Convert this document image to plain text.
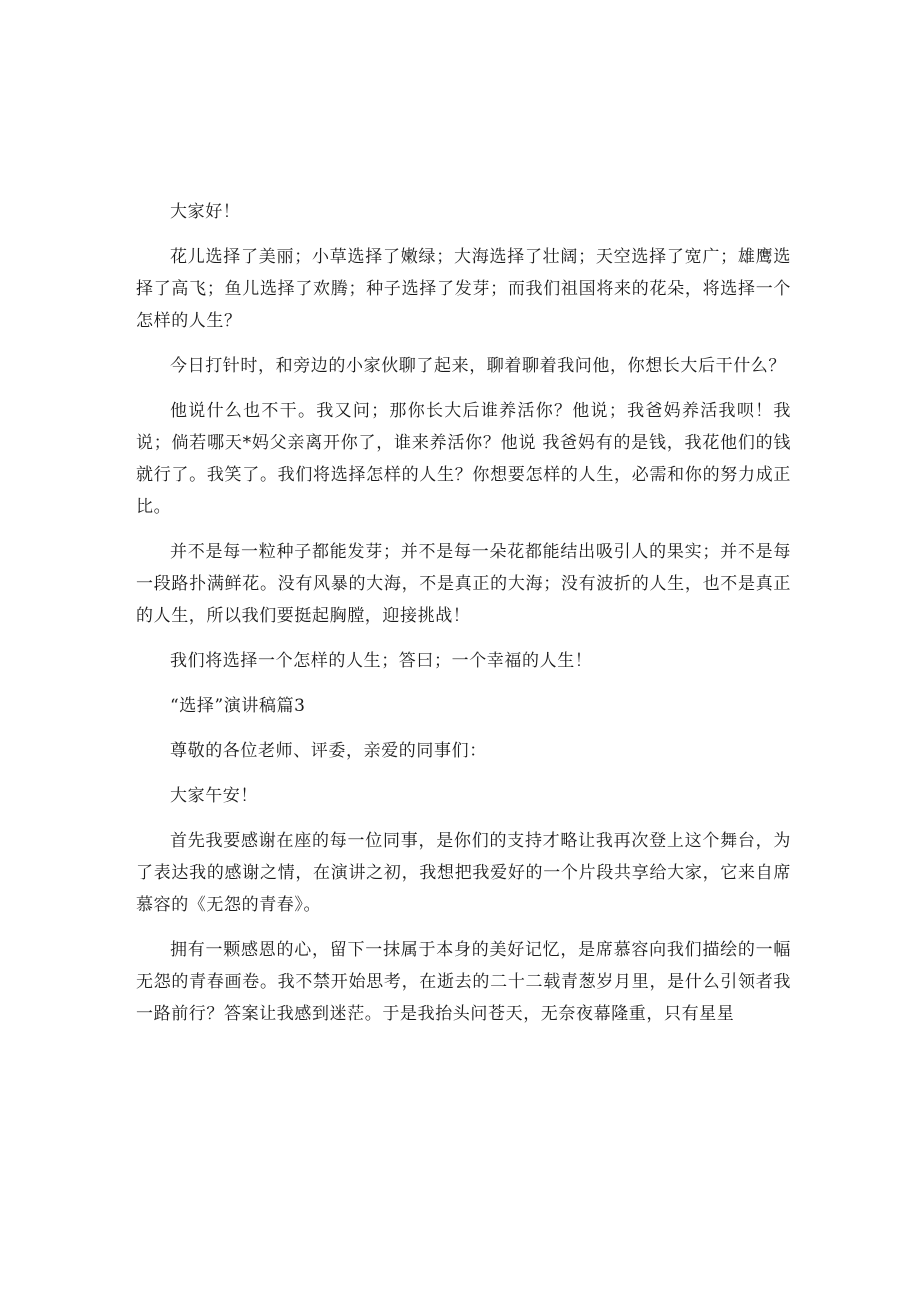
大家好！

花儿选择了美丽；小草选择了嫩绿；大海选择了壮阔；天空选择了宽广；雄鹰选择了高飞；鱼儿选择了欢腾；种子选择了发芽；而我们祖国将来的花朵，将选择一个怎样的人生？

今日打针时，和旁边的小家伙聊了起来，聊着聊着我问他，你想长大后干什么？

他说什么也不干。我又问；那你长大后谁养活你？他说；我爸妈养活我呗！我说；倘若哪天*妈父亲离开你了，谁来养活你？他说 我爸妈有的是钱，我花他们的钱就行了。我笑了。我们将选择怎样的人生？你想要怎样的人生，必需和你的努力成正比。

并不是每一粒种子都能发芽；并不是每一朵花都能结出吸引人的果实；并不是每一段路扑满鲜花。没有风暴的大海，不是真正的大海；没有波折的人生，也不是真正的人生，所以我们要挺起胸膛，迎接挑战！

我们将选择一个怎样的人生；答曰；一个幸福的人生！

“选择”演讲稿篇3

尊敬的各位老师、评委，亲爱的同事们：

大家午安！

首先我要感谢在座的每一位同事，是你们的支持才略让我再次登上这个舞台，为了表达我的感谢之情，在演讲之初，我想把我爱好的一个片段共享给大家，它来自席慕容的《无怨的青春》。

拥有一颗感恩的心，留下一抹属于本身的美好记忆，是席慕容向我们描绘的一幅无怨的青春画卷。我不禁开始思考，在逝去的二十二载青葱岁月里，是什么引领者我一路前行？答案让我感到迷茫。于是我抬头问苍天，无奈夜幕隆重，只有星星
